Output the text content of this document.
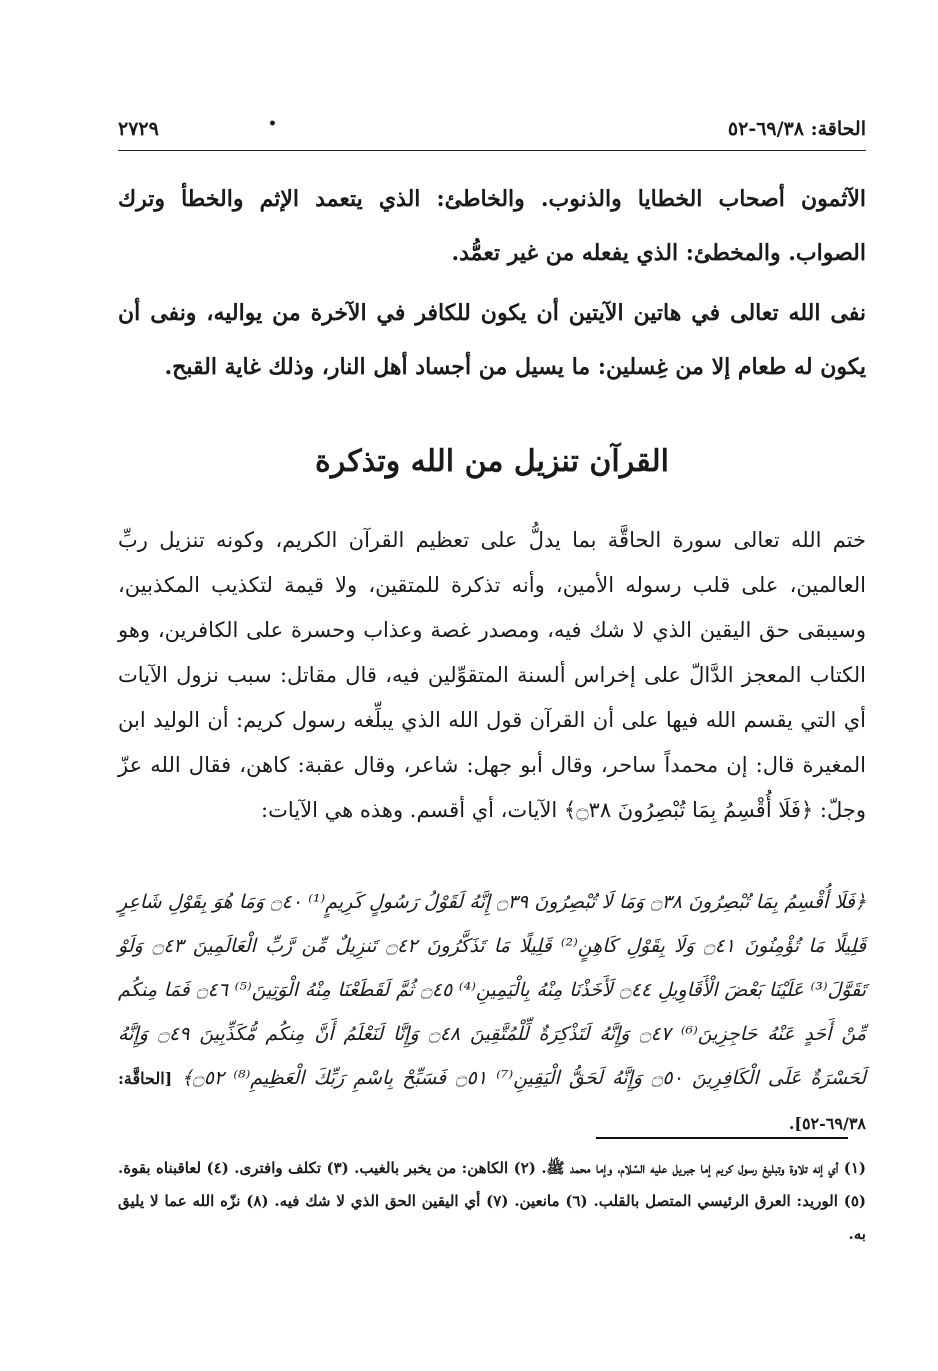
الحاقة: ٦٩/٣٨-٥٢
•
٢٧٢٩

الآثمون أصحاب الخطايا والذنوب. والخاطئ: الذي يتعمد الإثم والخطأ وترك الصواب. والمخطئ: الذي يفعله من غير تعمُّد.

نفى الله تعالى في هاتين الآيتين أن يكون للكافر في الآخرة من يواليه، ونفى أن يكون له طعام إلا من غِسلين: ما يسيل من أجساد أهل النار، وذلك غاية القبح.

القرآن تنزيل من الله وتذكرة

ختم الله تعالى سورة الحاقَّة بما يدلُّ على تعظيم القرآن الكريم، وكونه تنزيل ربِّ العالمين، على قلب رسوله الأمين، وأنه تذكرة للمتقين، ولا قيمة لتكذيب المكذبين، وسيبقى حق اليقين الذي لا شك فيه، ومصدر غصة وعذاب وحسرة على الكافرين، وهو الكتاب المعجز الدَّالّ على إخراس ألسنة المتقوِّلين فيه، قال مقاتل: سبب نزول الآيات أي التي يقسم الله فيها على أن القرآن قول الله الذي يبلِّغه رسول كريم: أن الوليد ابن المغيرة قال: إن محمداً ساحر، وقال أبو جهل: شاعر، وقال عقبة: كاهن، فقال الله عزّ وجلّ: ﴿فَلَا أُقْسِمُ بِمَا تُبْصِرُونَ ۝٣٨﴾ الآيات، أي أقسم. وهذه هي الآيات:

﴿فَلَا أُقْسِمُ بِمَا تُبْصِرُونَ ۝٣٨ وَمَا لَا تُبْصِرُونَ ۝٣٩ إِنَّهُ لَقَوْلُ رَسُولٍ كَرِيمٍ⁽¹⁾ ۝٤٠ وَمَا هُوَ بِقَوْلِ شَاعِرٍ قَلِيلًا مَا تُؤْمِنُونَ ۝٤١ وَلَا بِقَوْلِ كَاهِنٍ⁽²⁾ قَلِيلًا مَا تَذَكَّرُونَ ۝٤٢ تَنزِيلٌ مِّن رَّبِّ الْعَالَمِينَ ۝٤٣ وَلَوْ تَقَوَّلَ⁽³⁾ عَلَيْنَا بَعْضَ الْأَقَاوِيلِ ۝٤٤ لَأَخَذْنَا مِنْهُ بِالْيَمِينِ⁽⁴⁾ ۝٤٥ ثُمَّ لَقَطَعْنَا مِنْهُ الْوَتِينَ⁽⁵⁾ ۝٤٦ فَمَا مِنكُم مِّنْ أَحَدٍ عَنْهُ حَاجِزِينَ⁽⁶⁾ ۝٤٧ وَإِنَّهُ لَتَذْكِرَةٌ لِّلْمُتَّقِينَ ۝٤٨ وَإِنَّا لَنَعْلَمُ أَنَّ مِنكُم مُّكَذِّبِينَ ۝٤٩ وَإِنَّهُ لَحَسْرَةٌ عَلَى الْكَافِرِينَ ۝٥٠ وَإِنَّهُ لَحَقُّ الْيَقِينِ⁽⁷⁾ ۝٥١ فَسَبِّحْ بِاسْمِ رَبِّكَ الْعَظِيمِ⁽⁸⁾ ۝٥٢﴾ [الحاقَّة: ٦٩/٣٨-٥٢].

(١) أي إنه تلاوة وتبليغ رسول كريم إما جبريل عليه السّلام، وإما محمد ﷺ. (٢) الكاهن: من يخبر بالغيب. (٣) تكلف وافترى. (٤) لعاقبناه بقوة. (٥) الوريد: العرق الرئيسي المتصل بالقلب. (٦) مانعين. (٧) أي اليقين الحق الذي لا شك فيه. (٨) نزّه الله عما لا يليق به.
